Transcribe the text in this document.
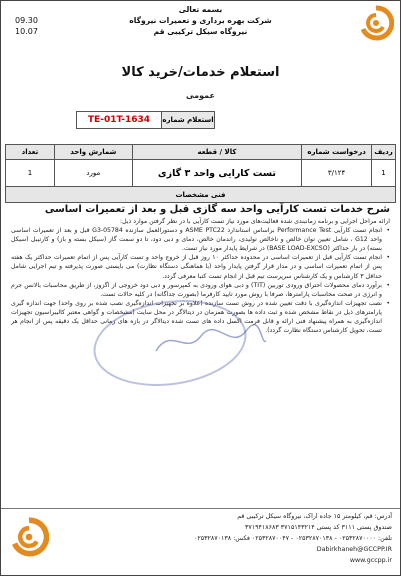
09.30
10.07
بسمه تعالی
شرکت بهره برداری و تعمیرات نیروگاه
نیروگاه سیکل ترکیبی قم
استعلام خدمات/خرید کالا
عمومی
TE-01T-1634	استعلام شماره
ردیف	درخواست شماره	کالا / قطعه	شمارش واحد	تعداد
1	۳/۱۲۴	تست کارایی واحد ۳ گازی	مورد	1
فنی مشخصات				
شرح خدمات تست کارآیی واحد سه گازی قبل و بعد از تعمیرات اساسی

ارائه مراحل اجرایی و برنامه زمانبندی شده فعالیت‌های مورد نیاز تست کارآیی با در نظر گرفتن موارد ذیل:

• انجام تست کارآیی Performance Test براساس استاندارد ASME PTC22 و دستورالعمل سازنده G3-05784 قبل و بعد از تعمیرات اساسی واحد G12 ، شامل تعیین توان خالص و ناخالص تولیدی، راندمان خالص، دمای و دبی دود، تا دو سمت گاز (سیکل بسته و باز) و کارتیبل (سیکل بسته) در بار حداکثر (BASE LOAD-EXCSO) در شرایط پایدار مورد نیاز تست.

• انجام تست کارآیی قبل از تعمیرات اساسی در محدوده حداکثر ۱۰ روز قبل از خروج واحد و تست کارآیی پس از اتمام تعمیرات حداکثر یک هفته پس از اتمام تعمیرات اساسی و در مدار قرار گرفتن پایدار واحد (با هماهنگی دستگاه نظارت) می بایستی صورت پذیرفته و تیم اجرایی شامل حداقل ۳ کارشناس و یک کارشناس سرپرست تیم قبل از انجام تست کتبا معرفی گردد.

• برآورد دمای محصولات احتراق ورودی توربین (TIT) و دبی هوای ورودی به کمپرسور و دبی دود خروجی از اگزوز، از طریق محاسبات بالانس جرم و انرژی در صحت محاسبات پارامترها، صرفا با روش مورد تایید کارفرما (بصورت جداگانه) در کلیه حالات تست.

• نصب تجهیزات اندازه‌گیری با دقت تعیین شده در روش تست سازنده (علاوه بر تجهیزات اندازه‌گیری نصب شده بر روی واحد) جهت اندازه گیری پارامترهای ذیل در نقاط مشخص شده و ثبت داده ها بصورت همزمان در دیتالاگر در محل سایت (مشخصات و گواهی معتبر کالیبراسیون تجهیزات اندازه‌گیری به همراه پیشنهاد فنی ارائه و قابل فرمت اکسل داده های تست شده دیتالاگر در بازه های زمانی حداقل یک دقیقه پس از انجام هر تست، تحویل کارشناس دستگاه نظارت گردد).

آدرس: قم، کیلومتر ۱۵ جاده اراک، نیروگاه سیکل ترکیبی قم
صندوق پستی ۳۱۱۱ کد پستی ۳۷۱۵۱۴۳۲۱۴ ۳۷۱۹۴۱۸۶۸۳
تلفن: ۰۲۵۳۲۸۷۰۰۰۰ - ۰۲۵۳۲۸۷۰۱۳۸ - ۰۲۵۳۲۸۷۰۰۴۷ فکس: ۰۲۵۳۲۸۷۰۱۳۸
Dabirkhaneh@GCCPP.IR
www.gccpp.ir
